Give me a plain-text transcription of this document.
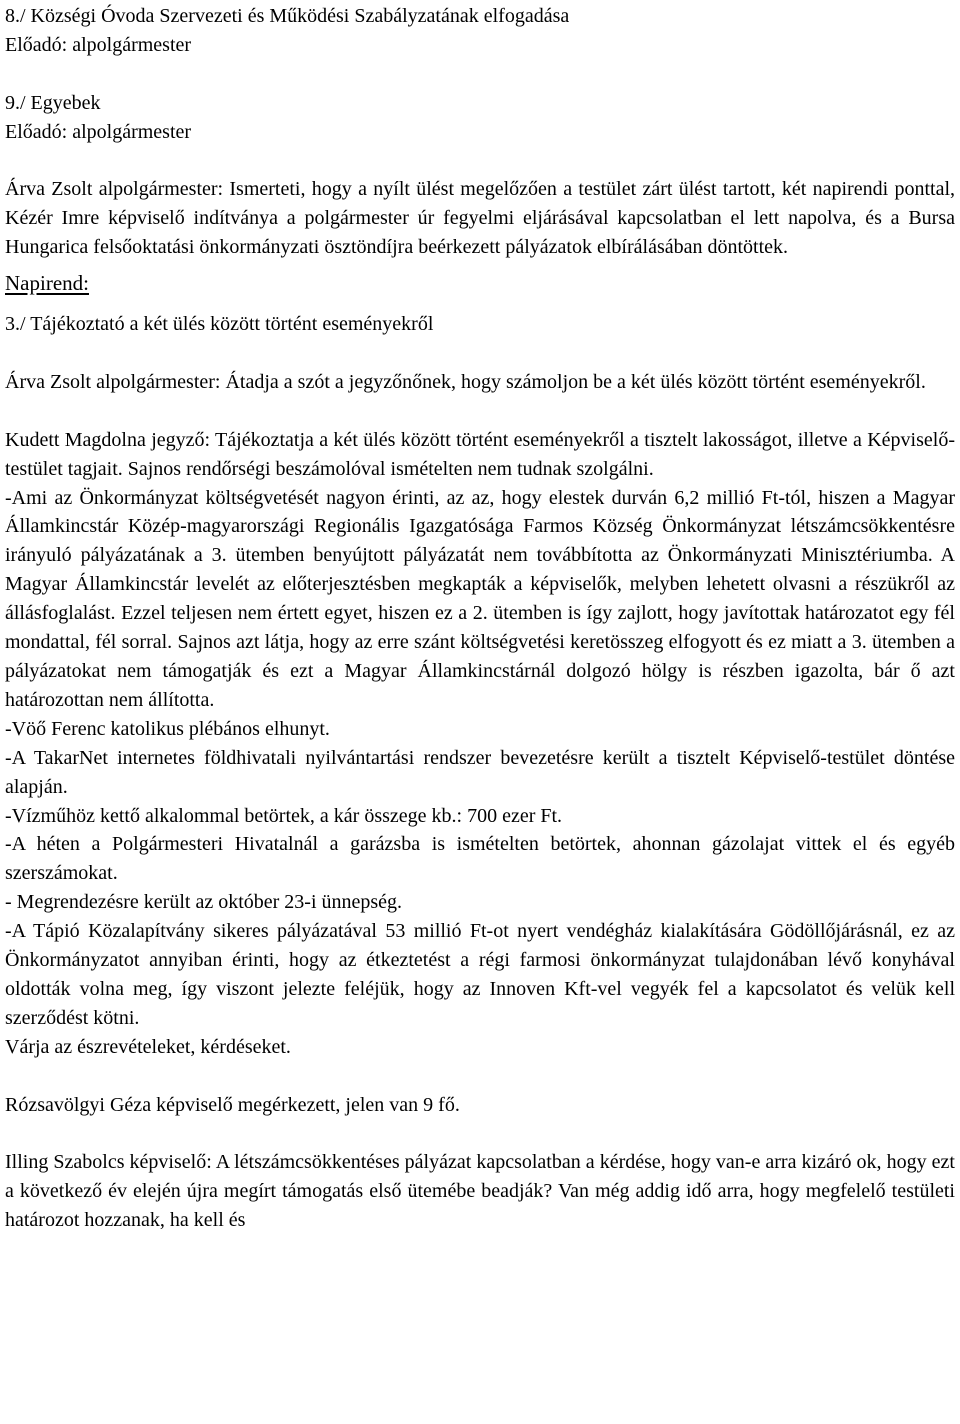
8./ Községi Óvoda Szervezeti és Működési Szabályzatának elfogadása

Előadó: alpolgármester

9./ Egyebek

Előadó: alpolgármester

Árva Zsolt alpolgármester: Ismerteti, hogy a nyílt ülést megelőzően a testület zárt ülést tartott, két napirendi ponttal, Kézér Imre képviselő indítványa a polgármester úr fegyelmi eljárásával kapcsolatban el lett napolva, és a Bursa Hungarica felsőoktatási önkormányzati ösztöndíjra beérkezett pályázatok elbírálásában döntöttek.

Napirend:

3./ Tájékoztató a két ülés között történt eseményekről

Árva Zsolt alpolgármester: Átadja a szót a jegyzőnőnek, hogy számoljon be a két ülés között történt eseményekről.

Kudett Magdolna jegyző: Tájékoztatja a két ülés között történt eseményekről a tisztelt lakosságot, illetve a Képviselő-testület tagjait. Sajnos rendőrségi beszámolóval ismételten nem tudnak szolgálni.

-Ami az Önkormányzat költségvetését nagyon érinti, az az, hogy elestek durván 6,2 millió Ft-tól, hiszen a Magyar Államkincstár Közép-magyarországi Regionális Igazgatósága Farmos Község Önkormányzat létszámcsökkentésre irányuló pályázatának a 3. ütemben benyújtott pályázatát nem továbbította az Önkormányzati Minisztériumba. A Magyar Államkincstár levelét az előterjesztésben megkapták a képviselők, melyben lehetett olvasni a részükről az állásfoglalást. Ezzel teljesen nem értett egyet, hiszen ez a 2. ütemben is így zajlott, hogy javítottak határozatot egy fél mondattal, fél sorral. Sajnos azt látja, hogy az erre szánt költségvetési keretösszeg elfogyott és ez miatt a 3. ütemben a pályázatokat nem támogatják és ezt a Magyar Államkincstárnál dolgozó hölgy is részben igazolta, bár ő azt határozottan nem állította.

-Vöő Ferenc katolikus plébános elhunyt.

-A TakarNet internetes földhivatali nyilvántartási rendszer bevezetésre került a tisztelt Képviselő-testület döntése alapján.

-Vízműhöz kettő alkalommal betörtek, a kár összege kb.: 700 ezer Ft.

-A héten a Polgármesteri Hivatalnál a garázsba is ismételten betörtek, ahonnan gázolajat vittek el és egyéb szerszámokat.

- Megrendezésre került az október 23-i ünnepség.

-A Tápió Közalapítvány sikeres pályázatával 53 millió Ft-ot nyert vendégház kialakítására Gödöllőjárásnál, ez az Önkormányzatot annyiban érinti, hogy az étkeztetést a régi farmosi önkormányzat tulajdonában lévő konyhával oldották volna meg, így viszont jelezte feléjük, hogy az Innoven Kft-vel vegyék fel a kapcsolatot és velük kell szerződést kötni.

Várja az észrevételeket, kérdéseket.

Rózsavölgyi Géza képviselő megérkezett, jelen van 9 fő.

Illing Szabolcs képviselő: A létszámcsökkentéses pályázat kapcsolatban a kérdése, hogy van-e arra kizáró ok, hogy ezt a következő év elején újra megírt támogatás első ütemébe beadják? Van még addig idő arra, hogy megfelelő testületi határozot hozzanak, ha kell és
